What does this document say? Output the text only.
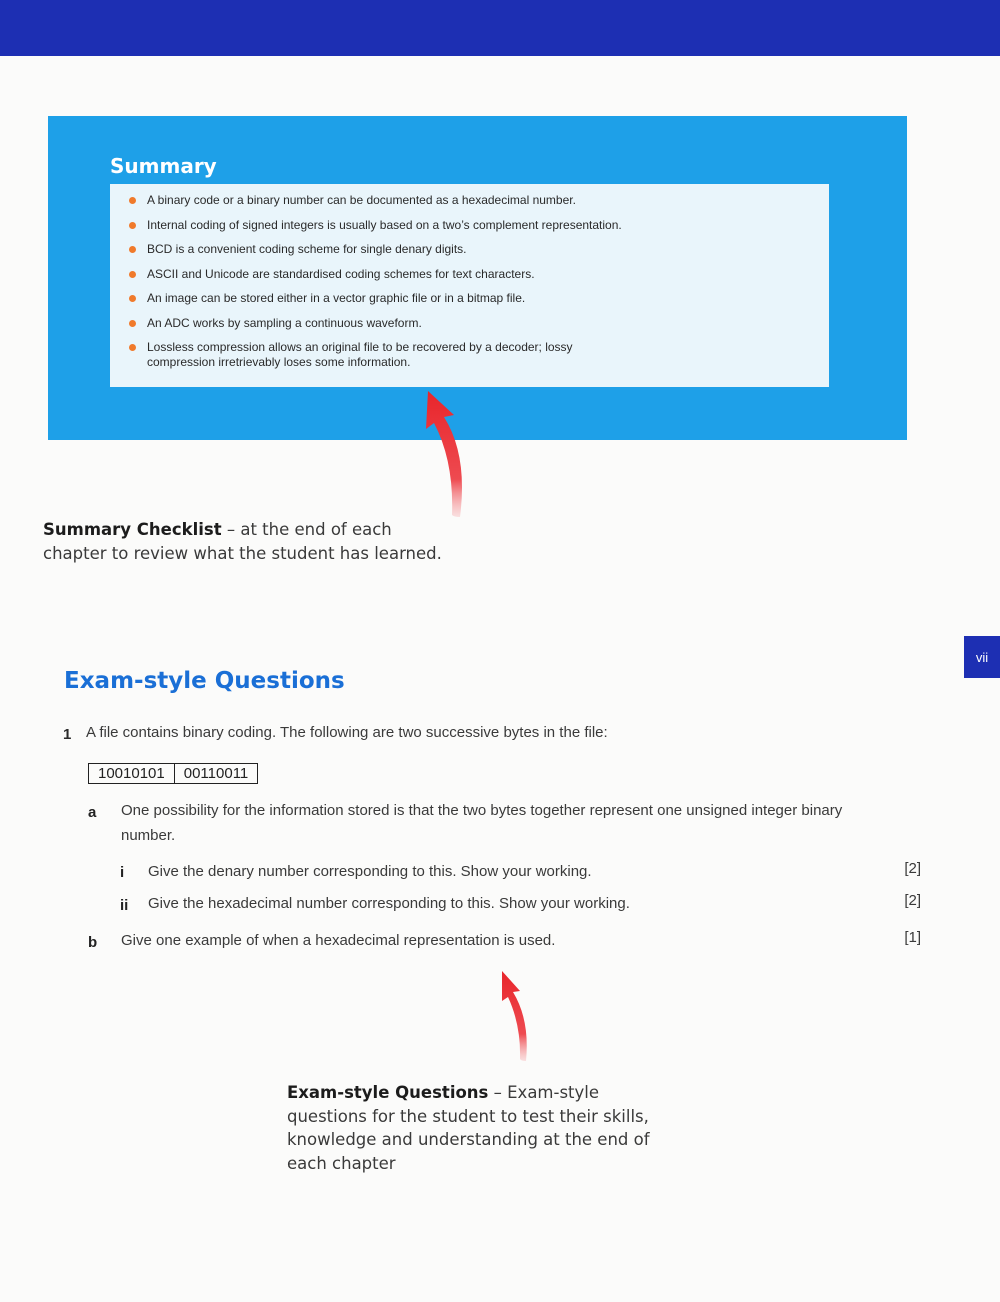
Summary
A binary code or a binary number can be documented as a hexadecimal number.
Internal coding of signed integers is usually based on a two’s complement representation.
BCD is a convenient coding scheme for single denary digits.
ASCII and Unicode are standardised coding schemes for text characters.
An image can be stored either in a vector graphic file or in a bitmap file.
An ADC works by sampling a continuous waveform.
Lossless compression allows an original file to be recovered by a decoder; lossy compression irretrievably loses some information.
Summary Checklist – at the end of each chapter to review what the student has learned.
vii
Exam-style Questions
1 A file contains binary coding. The following are two successive bytes in the file:
10010101	00110011
a One possibility for the information stored is that the two bytes together represent one unsigned integer binary number.
i Give the denary number corresponding to this. Show your working.	[2]
ii Give the hexadecimal number corresponding to this. Show your working.	[2]
b Give one example of when a hexadecimal representation is used.	[1]
Exam-style Questions – Exam-style questions for the student to test their skills, knowledge and understanding at the end of each chapter
